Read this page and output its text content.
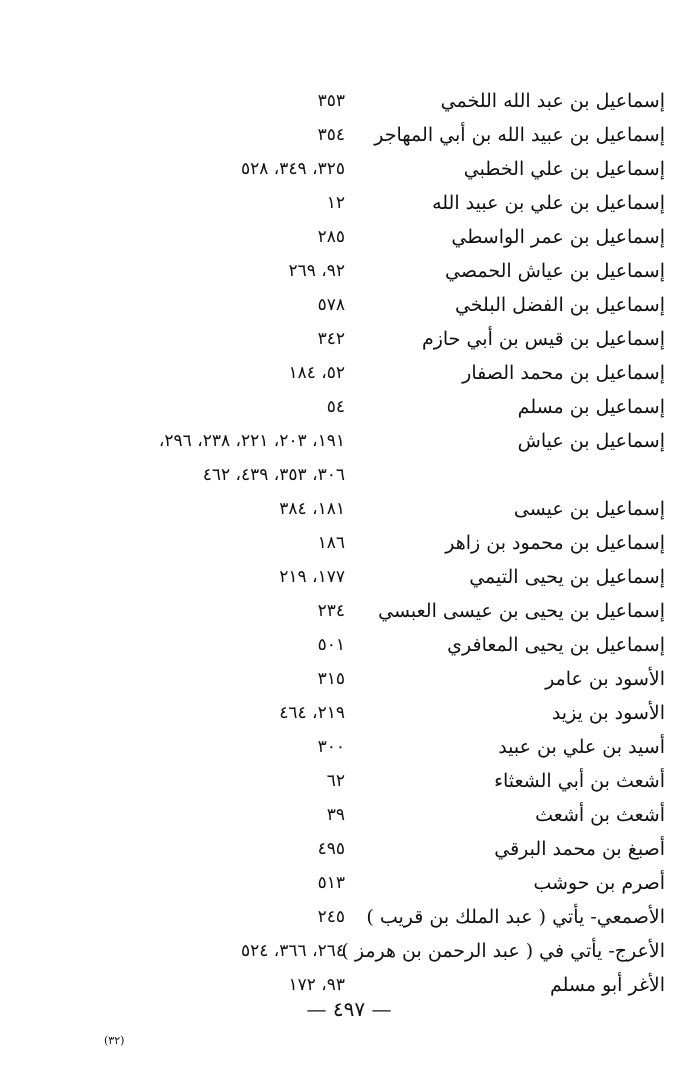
إسماعيل بن عبد الله اللخمي
٣٥٣
إسماعيل بن عبيد الله بن أبي المهاجر
٣٥٤
إسماعيل بن علي الخطبي
٣٢٥، ٣٤٩، ٥٢٨
إسماعيل بن علي بن عبيد الله
١٢
إسماعيل بن عمر الواسطي
٢٨٥
إسماعيل بن عياش الحمصي
٩٢، ٢٦٩
إسماعيل بن الفضل البلخي
٥٧٨
إسماعيل بن قيس بن أبي حازم
٣٤٢
إسماعيل بن محمد الصفار
٥٢، ١٨٤
إسماعيل بن مسلم
٥٤
إسماعيل بن عياش
١٩١، ٢٠٣، ٢٢١، ٢٣٨، ٢٩٦،
٣٠٦، ٣٥٣، ٤٣٩، ٤٦٢
إسماعيل بن عيسى
١٨١، ٣٨٤
إسماعيل بن محمود بن زاهر
١٨٦
إسماعيل بن يحيى التيمي
١٧٧، ٢١٩
إسماعيل بن يحيى بن عيسى العبسي
٢٣٤
إسماعيل بن يحيى المعافري
٥٠١
الأسود بن عامر
٣١٥
الأسود بن يزيد
٢١٩، ٤٦٤
أسيد بن علي بن عبيد
٣٠٠
أشعث بن أبي الشعثاء
٦٢
أشعث بن أشعث
٣٩
أصبغ بن محمد البرقي
٤٩٥
أصرم بن حوشب
٥١٣
الأصمعي- يأتي ( عبد الملك بن قريب )
٢٤٥
الأعرج- يأتي في ( عبد الرحمن بن هرمز )
٢٦٤، ٣٦٦، ٥٢٤
الأغر أبو مسلم
٩٣، ١٧٢
— ٤٩٧ —
(٣٢)
